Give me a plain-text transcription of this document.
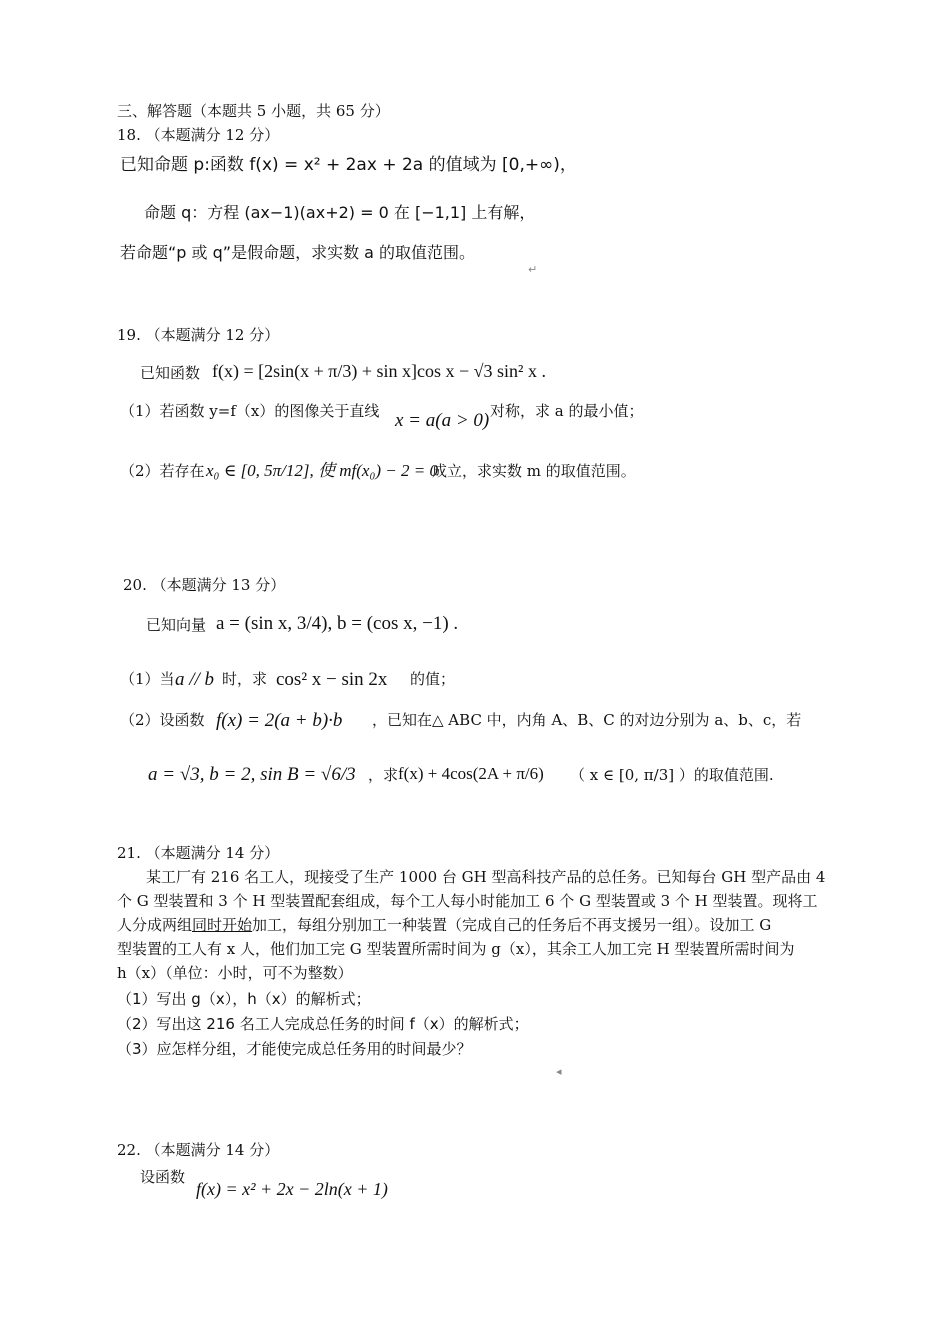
三、解答题（本题共 5 小题，共 65 分）
18. （本题满分 12 分）
已知命题 p:函数 f(x) = x² + 2ax + 2a 的值域为 [0,+∞)，
命题 q：方程 (ax−1)(ax+2) = 0 在 [−1,1] 上有解，
若命题“p 或 q”是假命题，求实数 a 的取值范围。
↵
19. （本题满分 12 分）
已知函数 f(x) = [2sin(x + π/3) + sin x]cos x − √3 sin² x .
（1）若函数 y=f（x）的图像关于直线 x = a(a > 0) 对称，求 a 的最小值；
（2）若存在 x₀ ∈ [0, 5π/12], 使 mf(x₀) − 2 = 0
成立，求实数 m 的取值范围。
20. （本题满分 13 分）
已知向量 a = (sin x, 3/4), b = (cos x, −1) .
（1）当 a // b 时，求 cos² x − sin 2x 的值；
（2）设函数 f(x) = 2(a + b)·b ，已知在△ ABC 中，内角 A、B、C 的对边分别为 a、b、c，若
a = √3, b = 2, sin B = √6/3 ，求 f(x) + 4cos(2A + π/6) （ x ∈ [0, π/3] ）的取值范围.
21. （本题满分 14 分）
某工厂有 216 名工人，现接受了生产 1000 台 GH 型高科技产品的总任务。已知每台 GH 型产品由 4
个 G 型装置和 3 个 H 型装置配套组成，每个工人每小时能加工 6 个 G 型装置或 3 个 H 型装置。现将工
人分成两组同时开始加工，每组分别加工一种装置（完成自己的任务后不再支援另一组）。设加工 G
型装置的工人有 x 人，他们加工完 G 型装置所需时间为 g（x），其余工人加工完 H 型装置所需时间为
h（x）（单位：小时，可不为整数）
（1）写出 g（x），h（x）的解析式；
（2）写出这 216 名工人完成总任务的时间 f（x）的解析式；
（3）应怎样分组，才能使完成总任务用的时间最少？
◂
22. （本题满分 14 分）
设函数
f(x) = x² + 2x − 2ln(x + 1)
